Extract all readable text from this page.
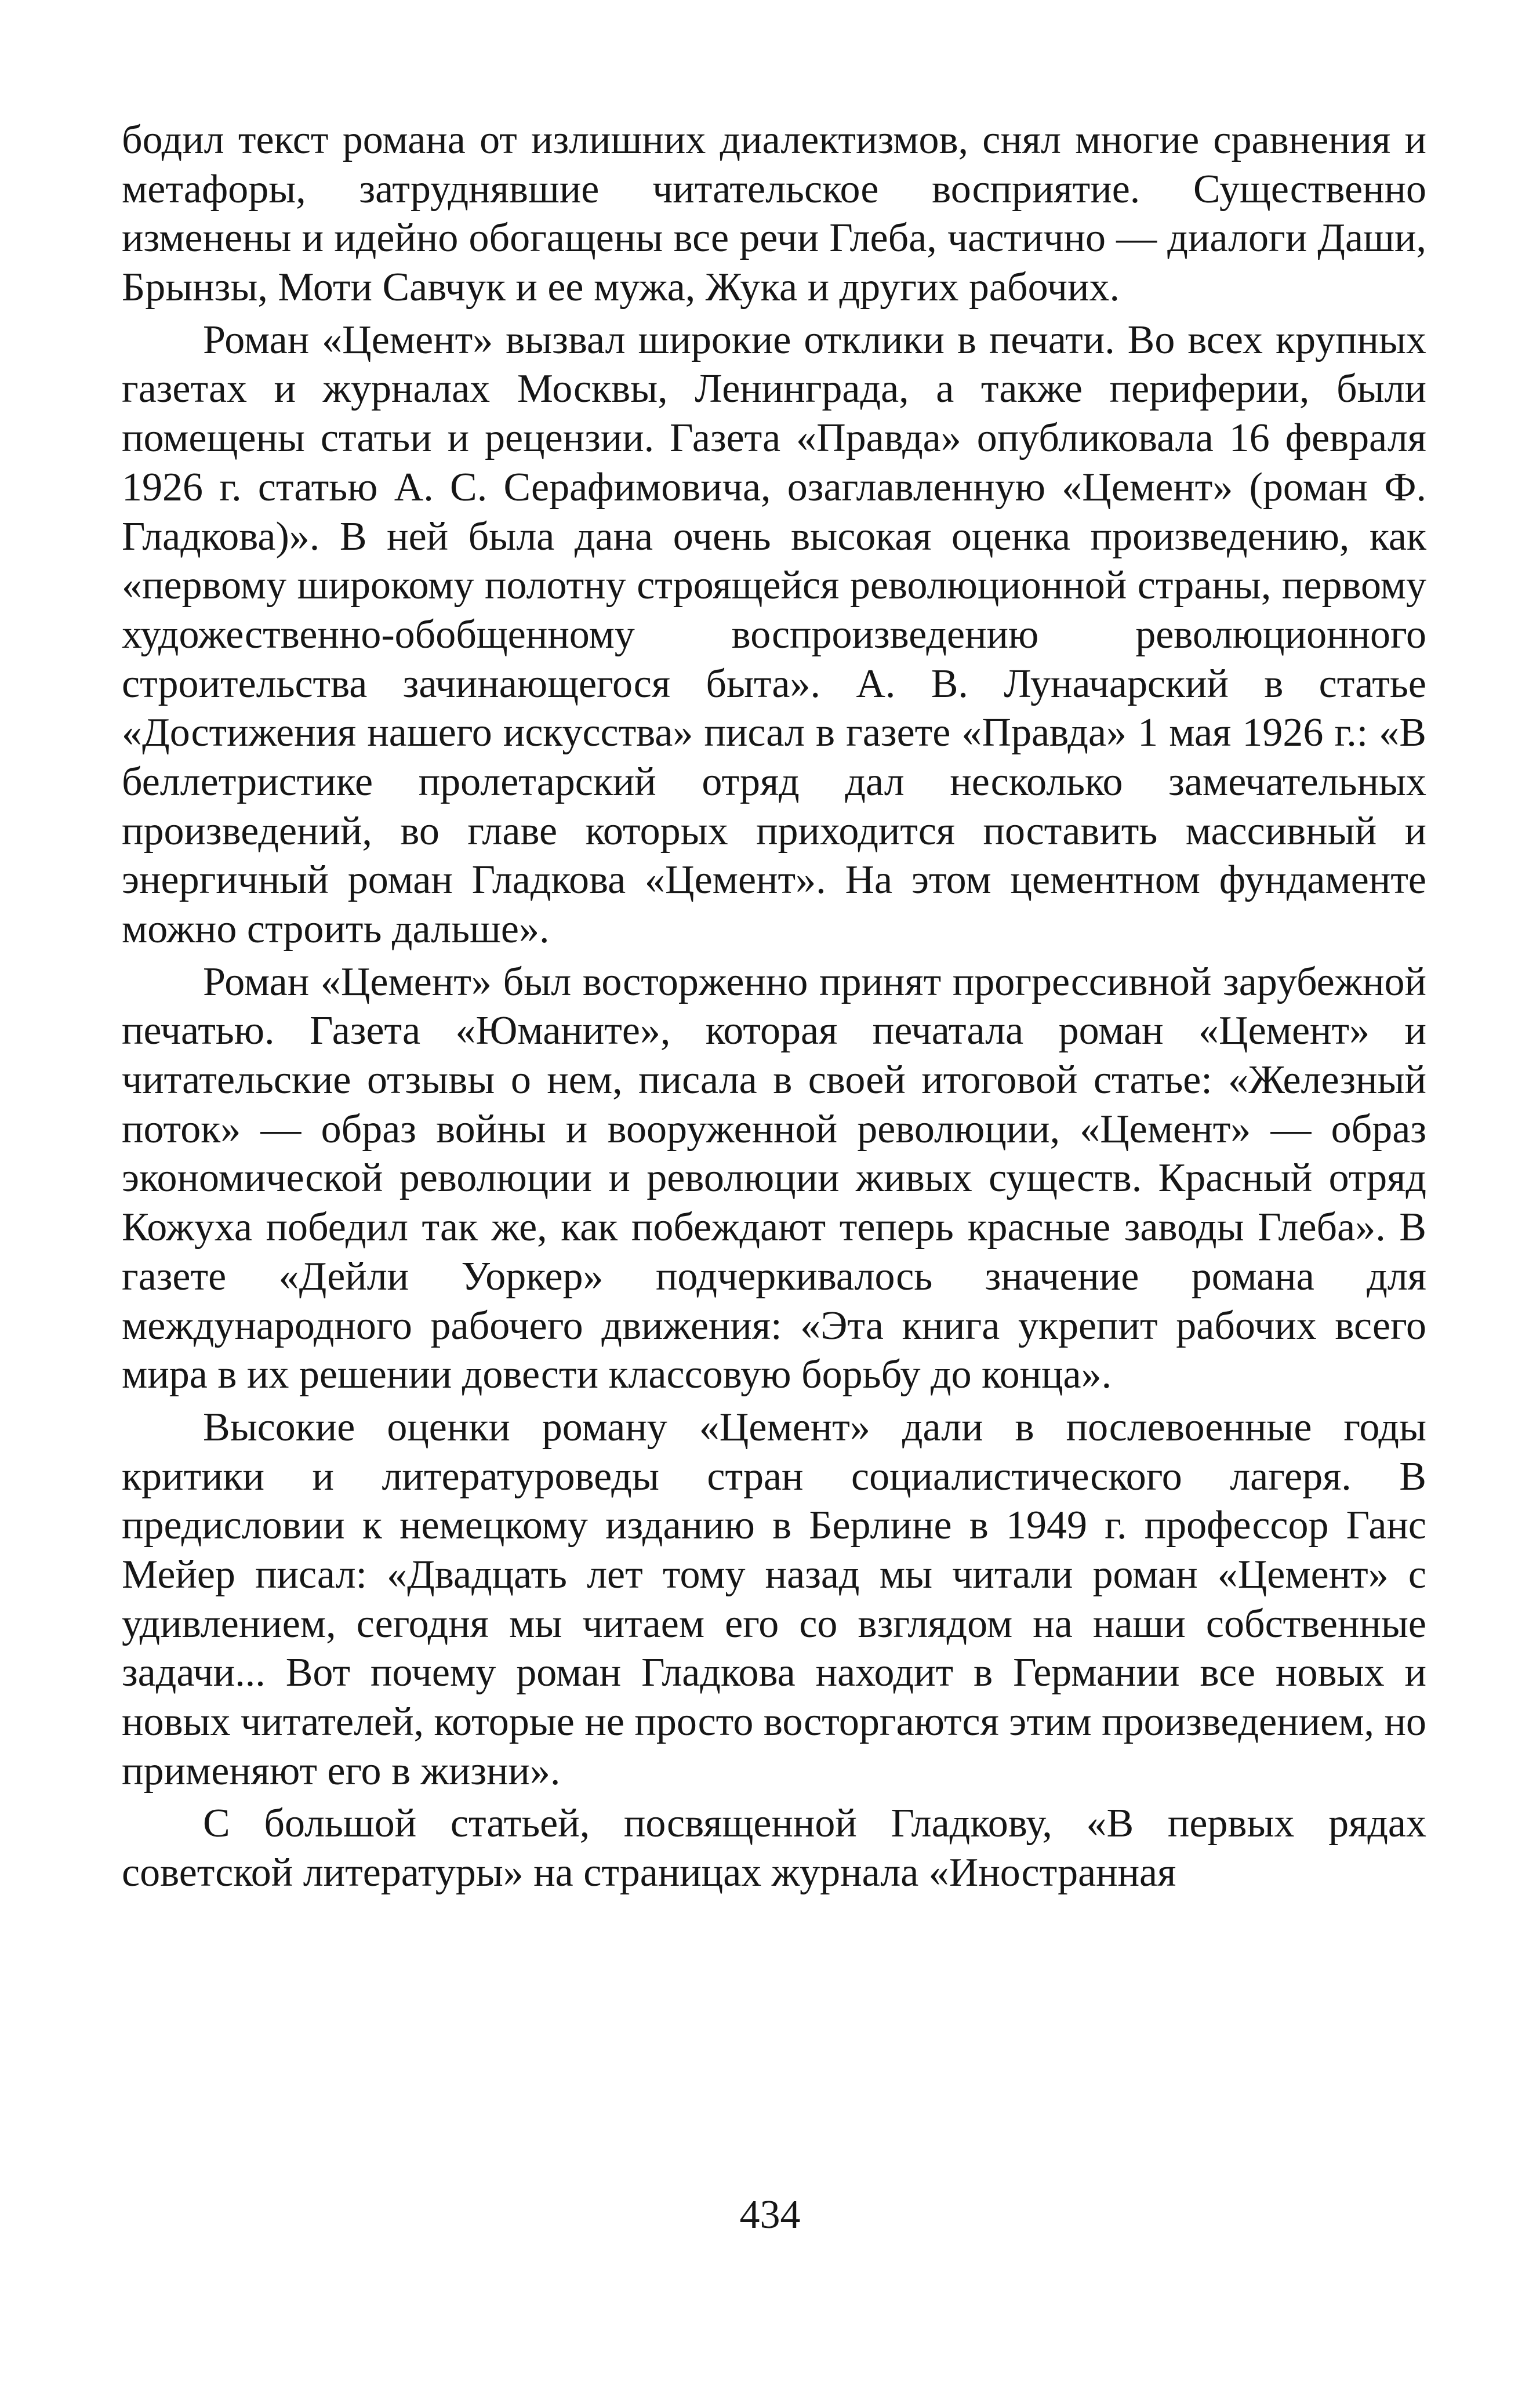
бодил текст романа от излишних диалектизмов, снял многие сравнения и метафоры, затруднявшие читательское восприятие. Существенно изменены и идейно обогащены все речи Глеба, частично — диалоги Даши, Брынзы, Моти Савчук и ее мужа, Жука и других рабочих.

Роман «Цемент» вызвал широкие отклики в печати. Во всех крупных газетах и журналах Москвы, Ленинграда, а также периферии, были помещены статьи и рецензии. Газета «Правда» опубликовала 16 февраля 1926 г. статью А. С. Серафимовича, озаглавленную «Цемент» (роман Ф. Гладкова)». В ней была дана очень высокая оценка произведению, как «первому широкому полотну строящейся революционной страны, первому художественно-обобщенному воспроизведению революционного строительства зачинающегося быта». А. В. Луначарский в статье «Достижения нашего искусства» писал в газете «Правда» 1 мая 1926 г.: «В беллетристике пролетарский отряд дал несколько замечательных произведений, во главе которых приходится поставить массивный и энергичный роман Гладкова «Цемент». На этом цементном фундаменте можно строить дальше».

Роман «Цемент» был восторженно принят прогрессивной зарубежной печатью. Газета «Юманите», которая печатала роман «Цемент» и читательские отзывы о нем, писала в своей итоговой статье: «Железный поток» — образ войны и вооруженной революции, «Цемент» — образ экономической революции и революции живых существ. Красный отряд Кожуха победил так же, как побеждают теперь красные заводы Глеба». В газете «Дейли Уоркер» подчеркивалось значение романа для международного рабочего движения: «Эта книга укрепит рабочих всего мира в их решении довести классовую борьбу до конца».

Высокие оценки роману «Цемент» дали в послевоенные годы критики и литературоведы стран социалистического лагеря. В предисловии к немецкому изданию в Берлине в 1949 г. профессор Ганс Мейер писал: «Двадцать лет тому назад мы читали роман «Цемент» с удивлением, сегодня мы читаем его со взглядом на наши собственные задачи... Вот почему роман Гладкова находит в Германии все новых и новых читателей, которые не просто восторгаются этим произведением, но применяют его в жизни».

С большой статьей, посвященной Гладкову, «В первых рядах советской литературы» на страницах журнала «Иностранная

434
